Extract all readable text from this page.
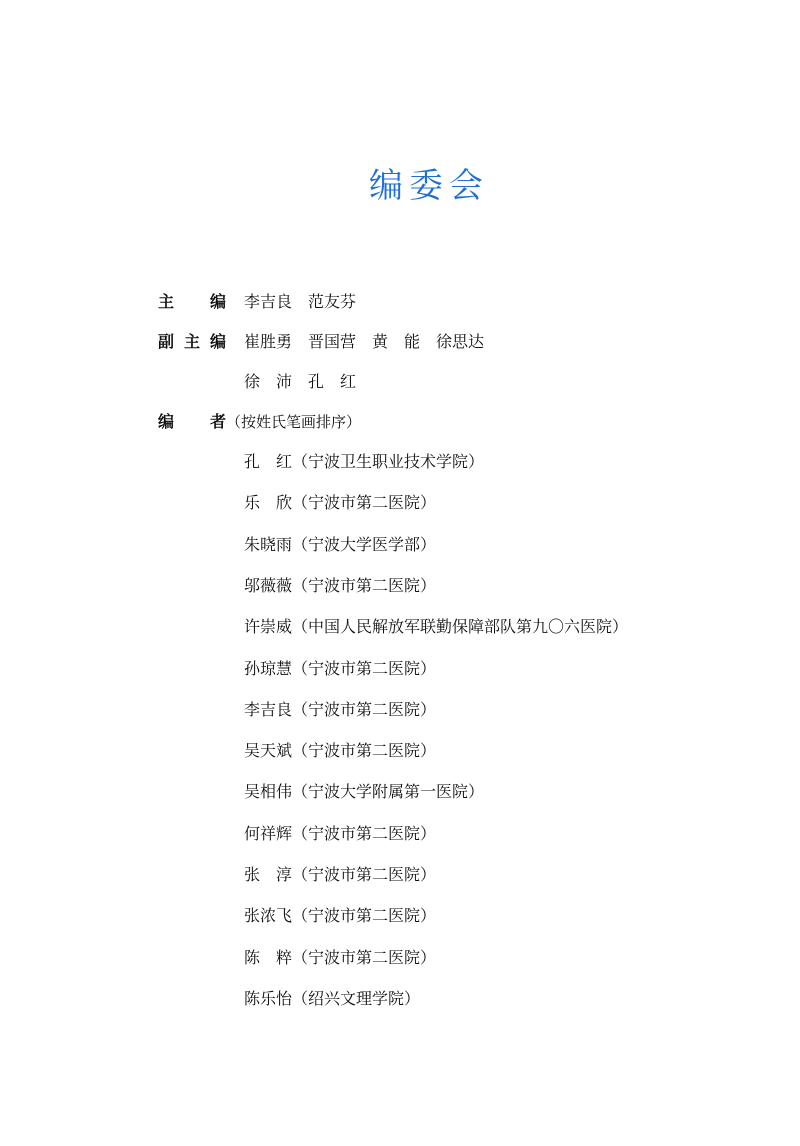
编委会
主 编 李吉良　范友芬
副 主 编 崔胜勇　晋国营　黄　能　徐思达
徐　沛　孔　红
编 者 （按姓氏笔画排序）
孔　红（宁波卫生职业技术学院）
乐　欣（宁波市第二医院）
朱晓雨（宁波大学医学部）
邬薇薇（宁波市第二医院）
许崇威（中国人民解放军联勤保障部队第九〇六医院）
孙琼慧（宁波市第二医院）
李吉良（宁波市第二医院）
吴天斌（宁波市第二医院）
吴相伟（宁波大学附属第一医院）
何祥辉（宁波市第二医院）
张　淳（宁波市第二医院）
张浓飞（宁波市第二医院）
陈　粹（宁波市第二医院）
陈乐怡（绍兴文理学院）
